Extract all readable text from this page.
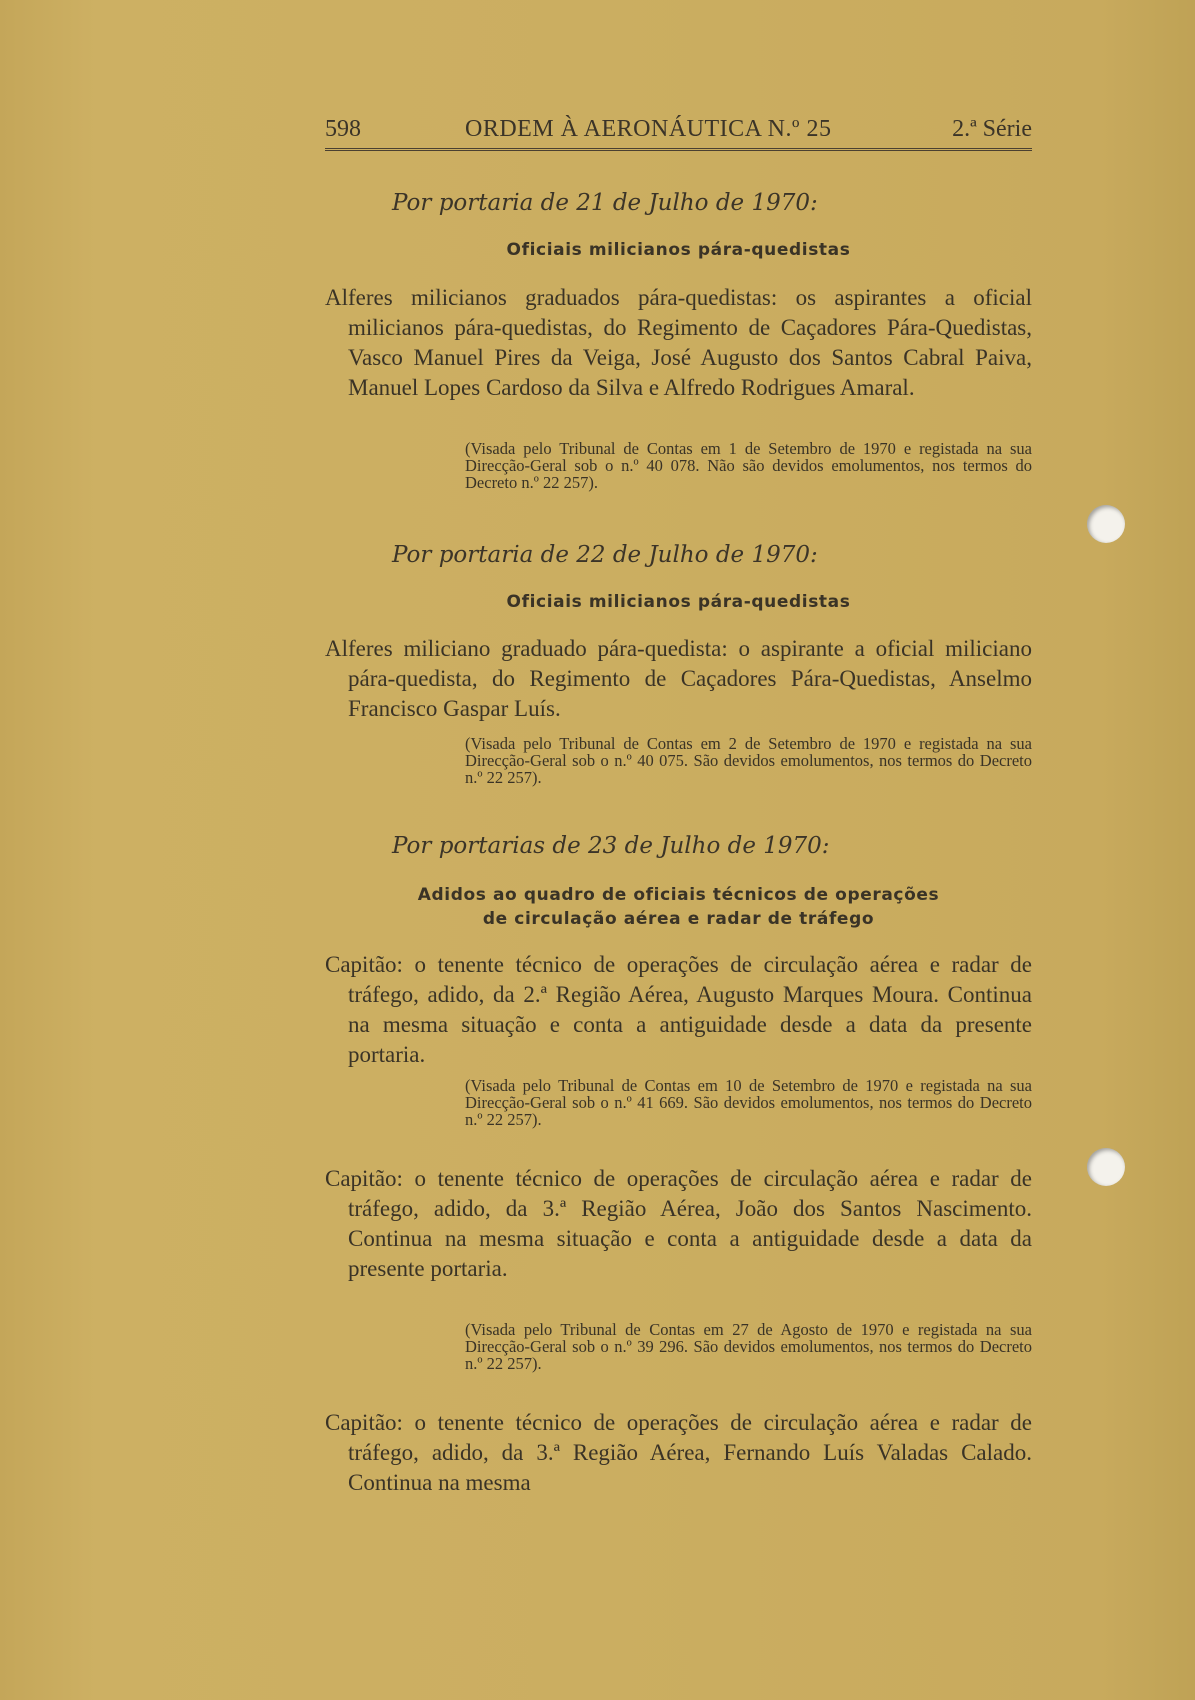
598	ORDEM À AERONÁUTICA N.º 25	2.ª Série

Por portaria de 21 de Julho de 1970:

Oficiais milicianos pára-quedistas

Alferes milicianos graduados pára-quedistas: os aspirantes a oficial milicianos pára-quedistas, do Regimento de Caçadores Pára-Quedistas, Vasco Manuel Pires da Veiga, José Augusto dos Santos Cabral Paiva, Manuel Lopes Cardoso da Silva e Alfredo Rodrigues Amaral.

(Visada pelo Tribunal de Contas em 1 de Setembro de 1970 e registada na sua Direcção-Geral sob o n.º 40 078. Não são devidos emolumentos, nos termos do Decreto n.º 22 257).

Por portaria de 22 de Julho de 1970:

Oficiais milicianos pára-quedistas

Alferes miliciano graduado pára-quedista: o aspirante a oficial miliciano pára-quedista, do Regimento de Caçadores Pára-Quedistas, Anselmo Francisco Gaspar Luís.

(Visada pelo Tribunal de Contas em 2 de Setembro de 1970 e registada na sua Direcção-Geral sob o n.º 40 075. São devidos emolumentos, nos termos do Decreto n.º 22 257).

Por portarias de 23 de Julho de 1970:

Adidos ao quadro de oficiais técnicos de operações

de circulação aérea e radar de tráfego

Capitão: o tenente técnico de operações de circulação aérea e radar de tráfego, adido, da 2.ª Região Aérea, Augusto Marques Moura. Continua na mesma situação e conta a antiguidade desde a data da presente portaria.

(Visada pelo Tribunal de Contas em 10 de Setembro de 1970 e registada na sua Direcção-Geral sob o n.º 41 669. São devidos emolumentos, nos termos do Decreto n.º 22 257).

Capitão: o tenente técnico de operações de circulação aérea e radar de tráfego, adido, da 3.ª Região Aérea, João dos Santos Nascimento. Continua na mesma situação e conta a antiguidade desde a data da presente portaria.

(Visada pelo Tribunal de Contas em 27 de Agosto de 1970 e registada na sua Direcção-Geral sob o n.º 39 296. São devidos emolumentos, nos termos do Decreto n.º 22 257).

Capitão: o tenente técnico de operações de circulação aérea e radar de tráfego, adido, da 3.ª Região Aérea, Fernando Luís Valadas Calado. Continua na mesma
